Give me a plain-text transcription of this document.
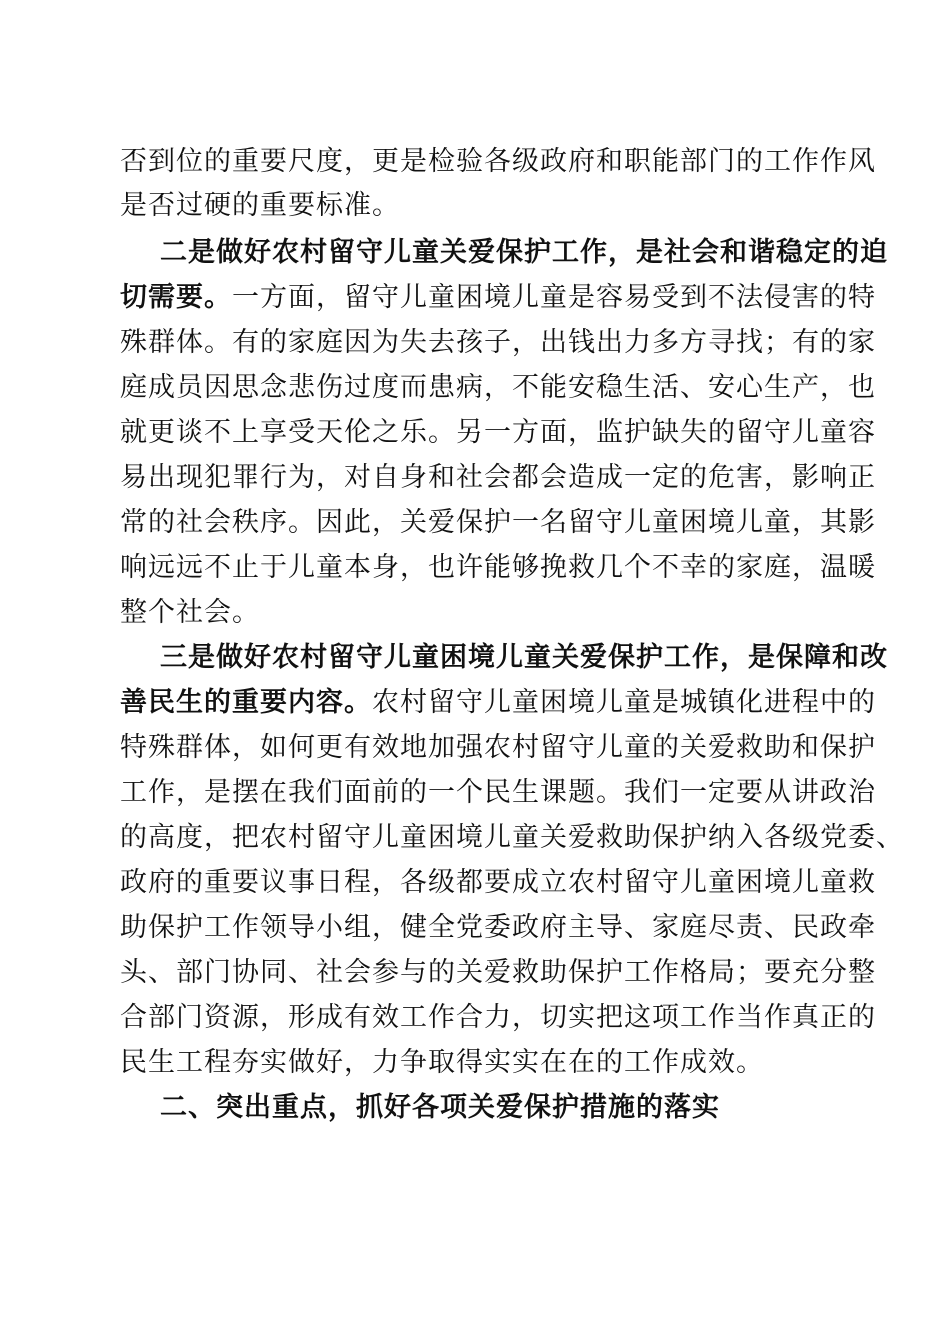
否到位的重要尺度，更是检验各级政府和职能部门的工作作风
是否过硬的重要标准。
二是做好农村留守儿童关爱保护工作，是社会和谐稳定的迫
切需要。一方面，留守儿童困境儿童是容易受到不法侵害的特
殊群体。有的家庭因为失去孩子，出钱出力多方寻找；有的家
庭成员因思念悲伤过度而患病，不能安稳生活、安心生产，也
就更谈不上享受天伦之乐。另一方面，监护缺失的留守儿童容
易出现犯罪行为，对自身和社会都会造成一定的危害，影响正
常的社会秩序。因此，关爱保护一名留守儿童困境儿童，其影
响远远不止于儿童本身，也许能够挽救几个不幸的家庭，温暖
整个社会。
三是做好农村留守儿童困境儿童关爱保护工作，是保障和改
善民生的重要内容。农村留守儿童困境儿童是城镇化进程中的
特殊群体，如何更有效地加强农村留守儿童的关爱救助和保护
工作，是摆在我们面前的一个民生课题。我们一定要从讲政治
的高度，把农村留守儿童困境儿童关爱救助保护纳入各级党委、
政府的重要议事日程，各级都要成立农村留守儿童困境儿童救
助保护工作领导小组，健全党委政府主导、家庭尽责、民政牵
头、部门协同、社会参与的关爱救助保护工作格局；要充分整
合部门资源，形成有效工作合力，切实把这项工作当作真正的
民生工程夯实做好，力争取得实实在在的工作成效。
二、突出重点，抓好各项关爱保护措施的落实
